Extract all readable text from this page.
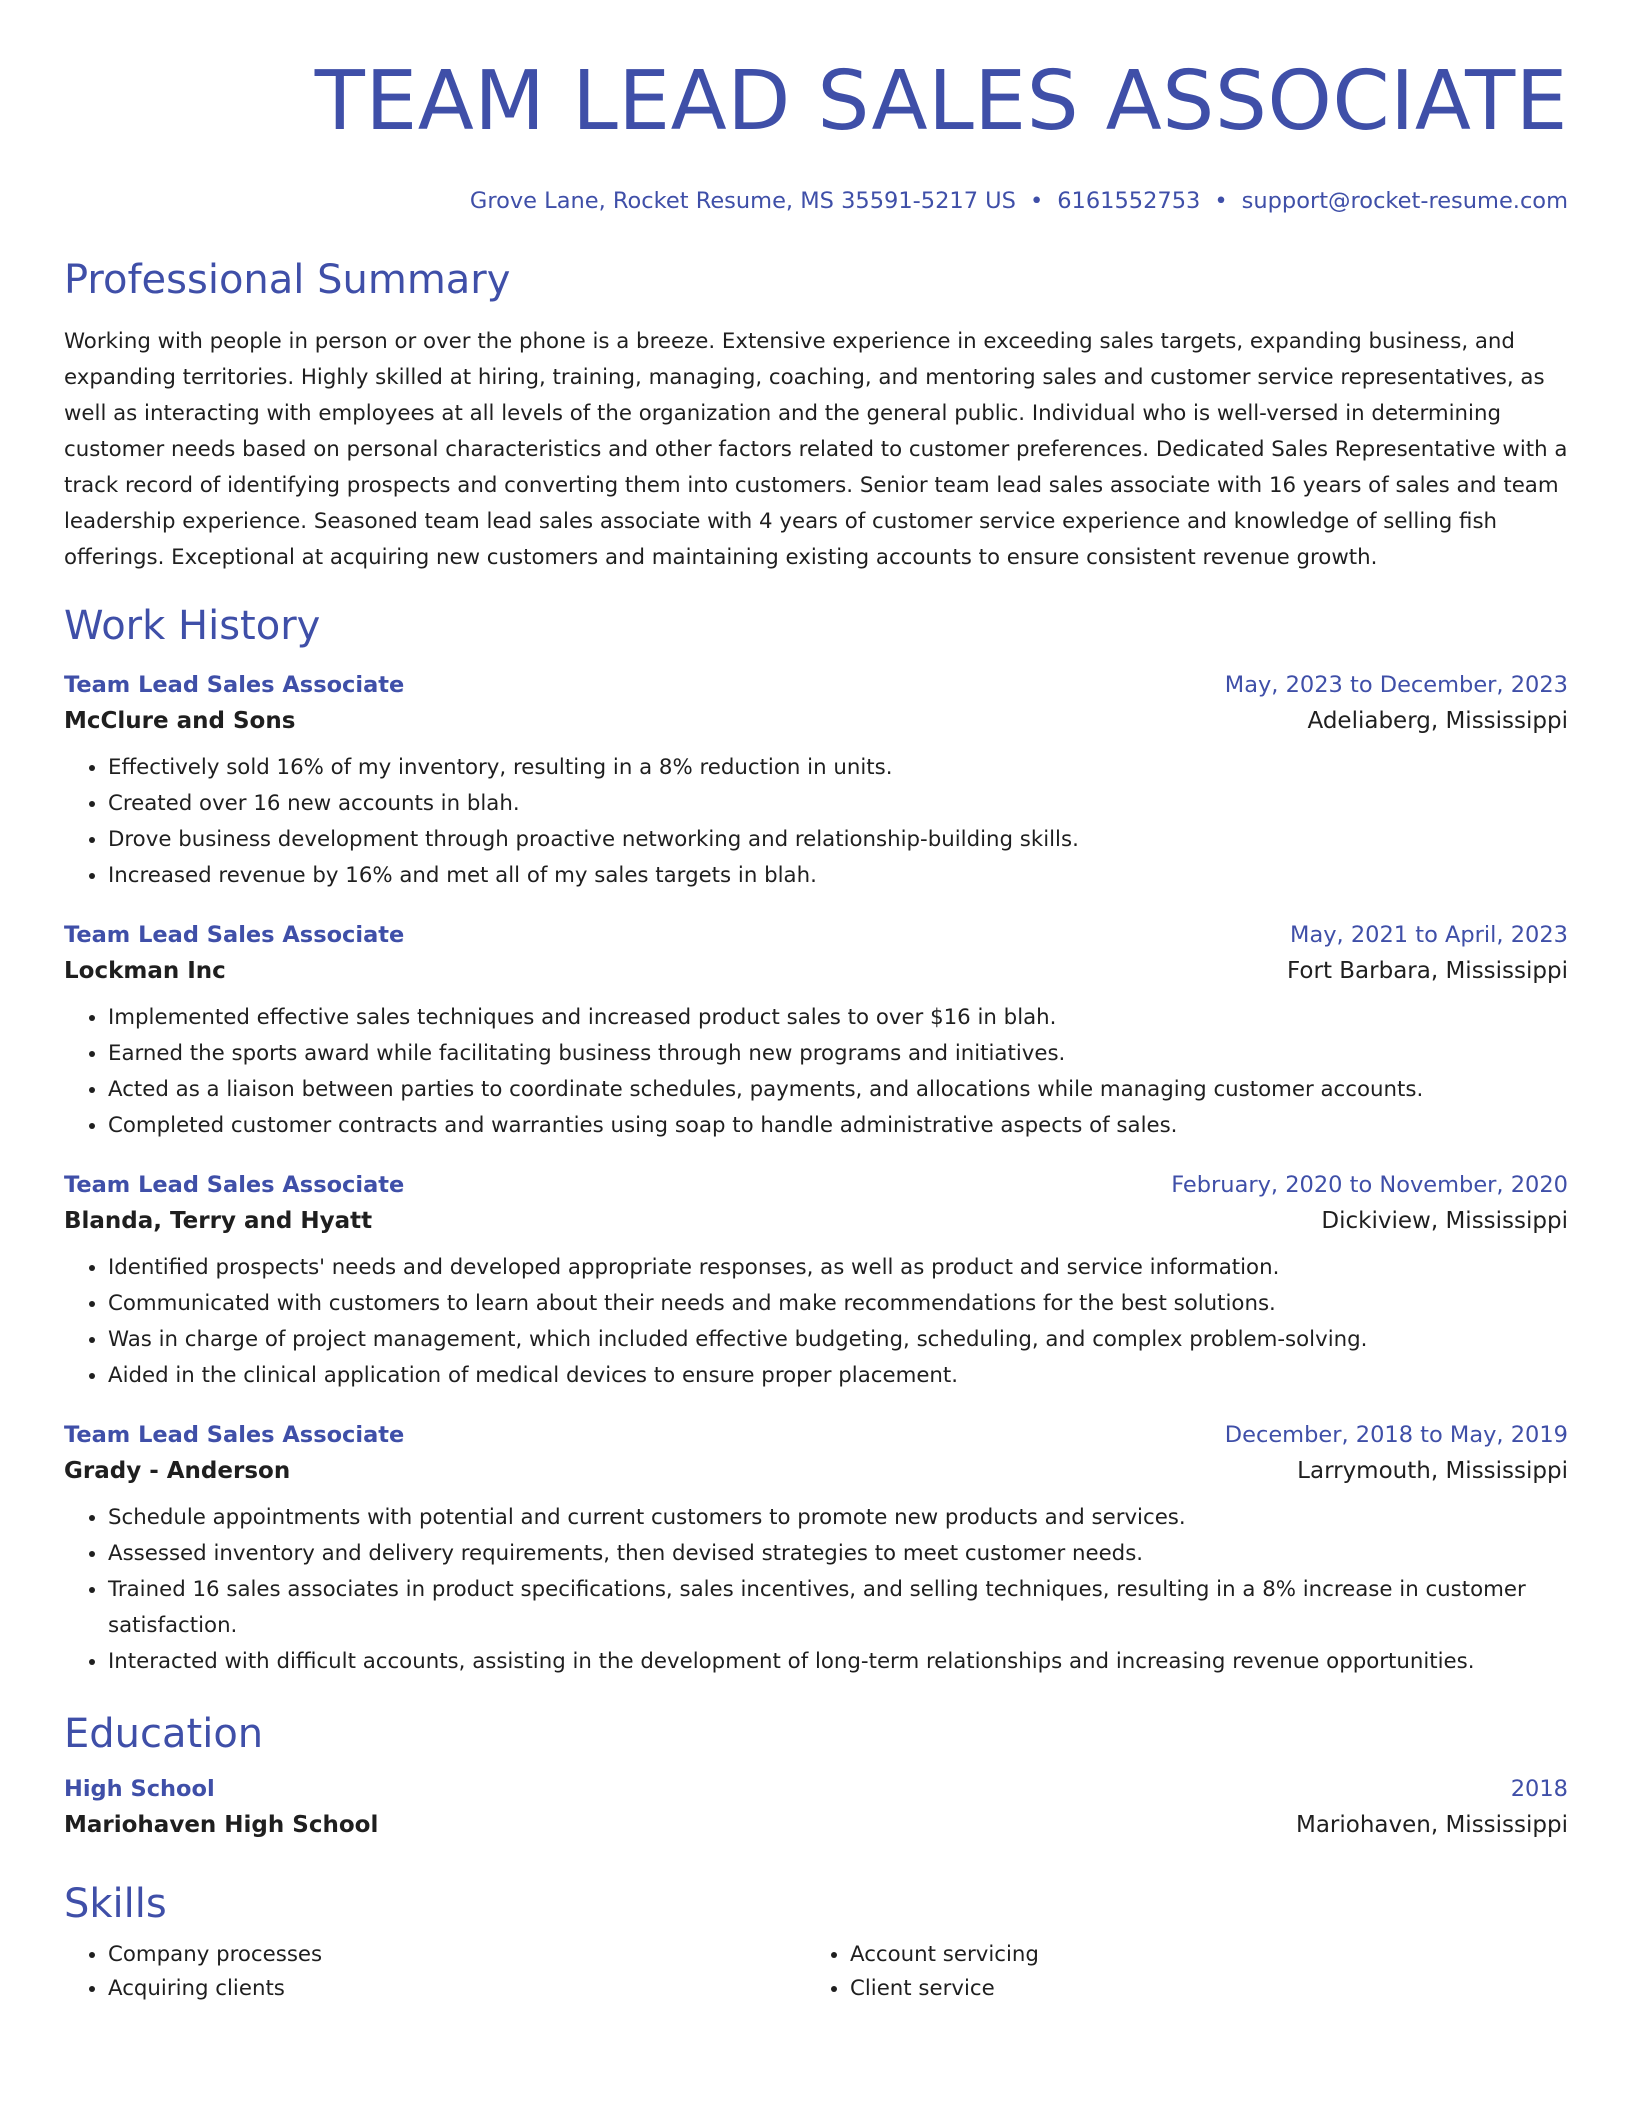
TEAM LEAD SALES ASSOCIATE
Grove Lane, Rocket Resume, MS 35591-5217 US • 6161552753 • support@rocket-resume.com
Professional Summary
Working with people in person or over the phone is a breeze. Extensive experience in exceeding sales targets, expanding business, and expanding territories. Highly skilled at hiring, training, managing, coaching, and mentoring sales and customer service representatives, as well as interacting with employees at all levels of the organization and the general public. Individual who is well-versed in determining customer needs based on personal characteristics and other factors related to customer preferences. Dedicated Sales Representative with a track record of identifying prospects and converting them into customers. Senior team lead sales associate with 16 years of sales and team leadership experience. Seasoned team lead sales associate with 4 years of customer service experience and knowledge of selling fish offerings. Exceptional at acquiring new customers and maintaining existing accounts to ensure consistent revenue growth.
Work History
Team Lead Sales Associate	May, 2023 to December, 2023
McClure and Sons	Adeliaberg, Mississippi
• Effectively sold 16% of my inventory, resulting in a 8% reduction in units.
• Created over 16 new accounts in blah.
• Drove business development through proactive networking and relationship-building skills.
• Increased revenue by 16% and met all of my sales targets in blah.
Team Lead Sales Associate	May, 2021 to April, 2023
Lockman Inc	Fort Barbara, Mississippi
• Implemented effective sales techniques and increased product sales to over $16 in blah.
• Earned the sports award while facilitating business through new programs and initiatives.
• Acted as a liaison between parties to coordinate schedules, payments, and allocations while managing customer accounts.
• Completed customer contracts and warranties using soap to handle administrative aspects of sales.
Team Lead Sales Associate	February, 2020 to November, 2020
Blanda, Terry and Hyatt	Dickiview, Mississippi
• Identified prospects' needs and developed appropriate responses, as well as product and service information.
• Communicated with customers to learn about their needs and make recommendations for the best solutions.
• Was in charge of project management, which included effective budgeting, scheduling, and complex problem-solving.
• Aided in the clinical application of medical devices to ensure proper placement.
Team Lead Sales Associate	December, 2018 to May, 2019
Grady - Anderson	Larrymouth, Mississippi
• Schedule appointments with potential and current customers to promote new products and services.
• Assessed inventory and delivery requirements, then devised strategies to meet customer needs.
• Trained 16 sales associates in product specifications, sales incentives, and selling techniques, resulting in a 8% increase in customer satisfaction.
• Interacted with difficult accounts, assisting in the development of long-term relationships and increasing revenue opportunities.
Education
High School	2018
Mariohaven High School	Mariohaven, Mississippi
Skills
• Company processes
• Acquiring clients
• Account servicing
• Client service
